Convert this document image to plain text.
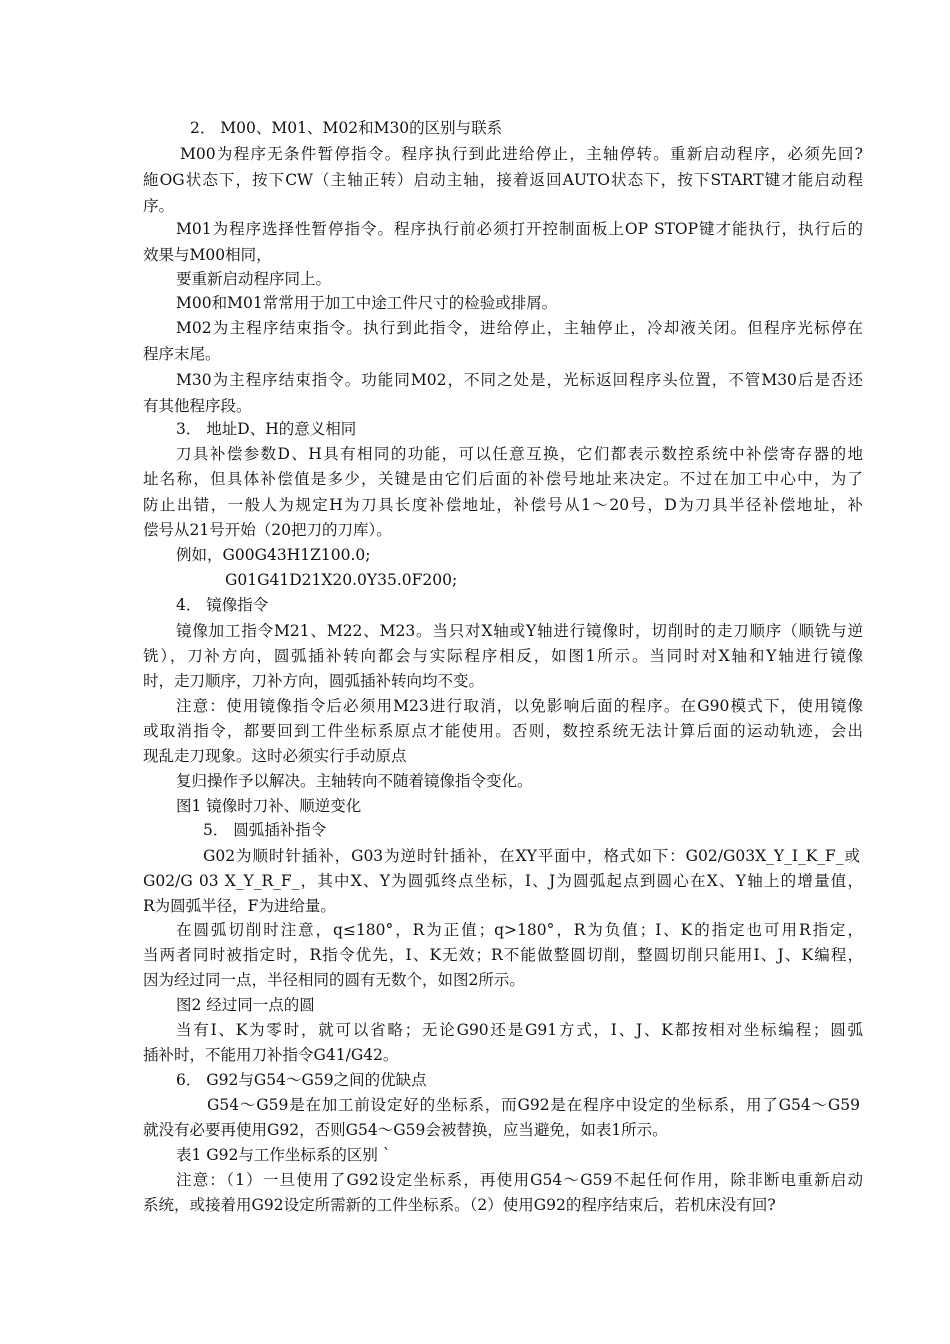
2． M00、M01、M02和M30的区别与联系
M00为程序无条件暂停指令。程序执行到此进给停止，主轴停转。重新启动程序，必须先回?
絁OG状态下，按下CW（主轴正转）启动主轴，接着返回AUTO状态下，按下START键才能启动程
序。
M01为程序选择性暂停指令。程序执行前必须打开控制面板上OP STOP键才能执行，执行后的
效果与M00相同，
要重新启动程序同上。
M00和M01常常用于加工中途工件尺寸的检验或排屑。
M02为主程序结束指令。执行到此指令，进给停止，主轴停止，冷却液关闭。但程序光标停在
程序末尾。
M30为主程序结束指令。功能同M02，不同之处是，光标返回程序头位置，不管M30后是否还
有其他程序段。
3． 地址D、H的意义相同
刀具补偿参数D、H具有相同的功能，可以任意互换，它们都表示数控系统中补偿寄存器的地
址名称，但具体补偿值是多少，关键是由它们后面的补偿号地址来决定。不过在加工中心中，为了
防止出错，一般人为规定H为刀具长度补偿地址，补偿号从1～20号，D为刀具半径补偿地址，补
偿号从21号开始（20把刀的刀库）。
例如，G00G43H1Z100.0;
G01G41D21X20.0Y35.0F200;
4． 镜像指令
镜像加工指令M21、M22、M23。当只对X轴或Y轴进行镜像时，切削时的走刀顺序（顺铣与逆
铣），刀补方向，圆弧插补转向都会与实际程序相反，如图1所示。当同时对X轴和Y轴进行镜像
时，走刀顺序，刀补方向，圆弧插补转向均不变。
注意：使用镜像指令后必须用M23进行取消，以免影响后面的程序。在G90模式下，使用镜像
或取消指令，都要回到工件坐标系原点才能使用。否则，数控系统无法计算后面的运动轨迹，会出
现乱走刀现象。这时必须实行手动原点
复归操作予以解决。主轴转向不随着镜像指令变化。
图1 镜像时刀补、顺逆变化
5． 圆弧插补指令
G02为顺时针插补，G03为逆时针插补，在XY平面中，格式如下：G02/G03X_Y_I_K_F_或
G02/G 03 X_Y_R_F_，其中X、Y为圆弧终点坐标，I、J为圆弧起点到圆心在X、Y轴上的增量值，
R为圆弧半径，F为进给量。
在圆弧切削时注意，q≤180°，R为正值；q>180°，R为负值；I、K的指定也可用R指定，
当两者同时被指定时，R指令优先，I、K无效；R不能做整圆切削，整圆切削只能用I、J、K编程，
因为经过同一点，半径相同的圆有无数个，如图2所示。
图2 经过同一点的圆
当有I、K为零时，就可以省略；无论G90还是G91方式，I、J、K都按相对坐标编程；圆弧
插补时，不能用刀补指令G41/G42。
6． G92与G54～G59之间的优缺点
G54～G59是在加工前设定好的坐标系，而G92是在程序中设定的坐标系，用了G54～G59
就没有必要再使用G92，否则G54～G59会被替换，应当避免，如表1所示。
表1 G92与工作坐标系的区别 `
注意：（1）一旦使用了G92设定坐标系，再使用G54～G59不起任何作用，除非断电重新启动
系统，或接着用G92设定所需新的工件坐标系。（2）使用G92的程序结束后，若机床没有回?
